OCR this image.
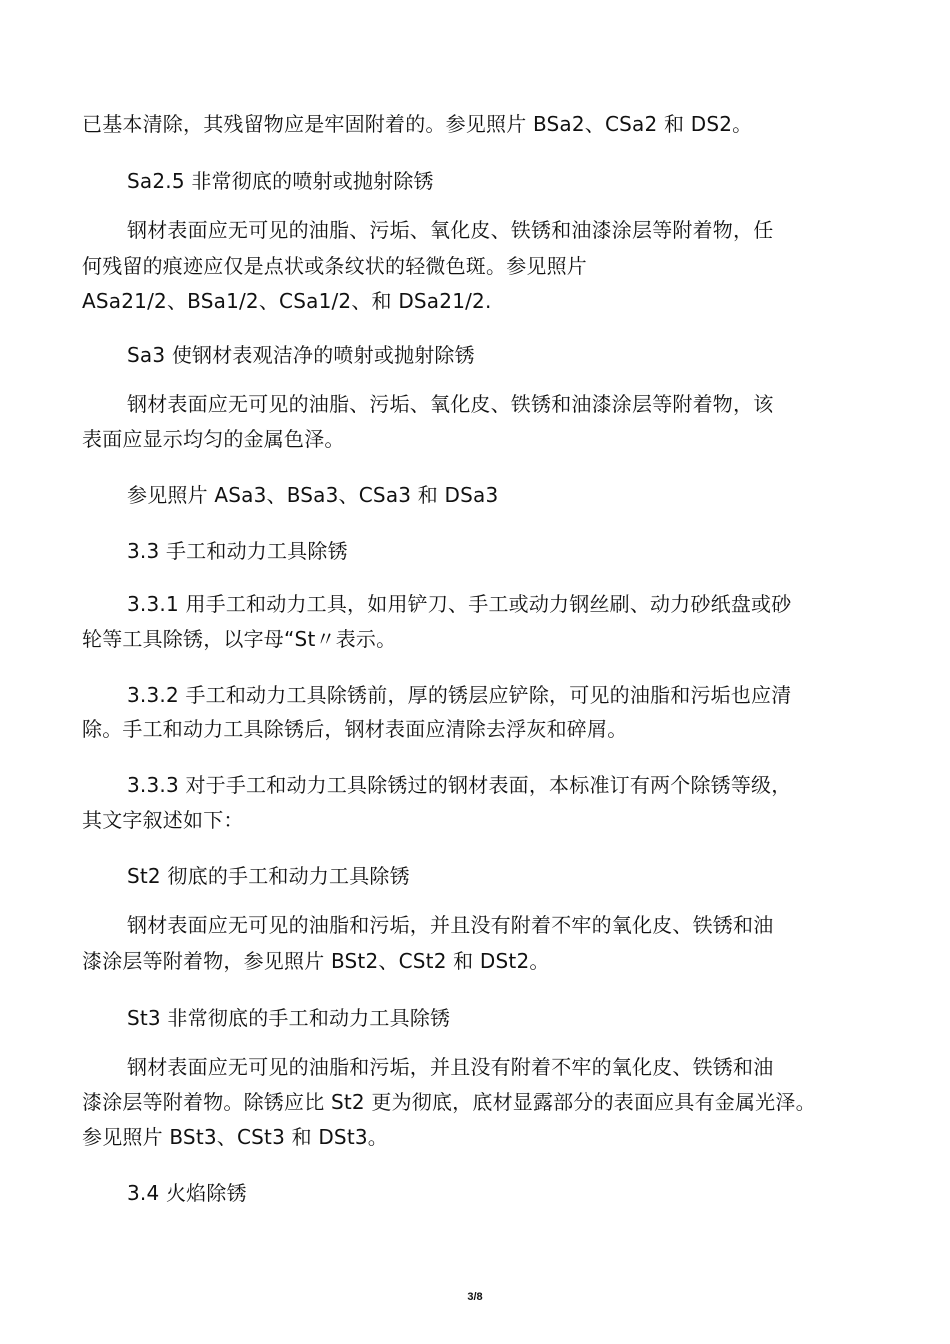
已基本清除，其残留物应是牢固附着的。参见照片 BSa2、CSa2 和 DS2。
Sa2.5 非常彻底的喷射或抛射除锈
钢材表面应无可见的油脂、污垢、氧化皮、铁锈和油漆涂层等附着物，任
何残留的痕迹应仅是点状或条纹状的轻微色斑。参见照片
ASa21/2、BSa1/2、CSa1/2、和 DSa21/2.
Sa3 使钢材表观洁净的喷射或抛射除锈
钢材表面应无可见的油脂、污垢、氧化皮、铁锈和油漆涂层等附着物，该
表面应显示均匀的金属色泽。
参见照片 ASa3、BSa3、CSa3 和 DSa3
3.3 手工和动力工具除锈
3.3.1 用手工和动力工具，如用铲刀、手工或动力钢丝刷、动力砂纸盘或砂
轮等工具除锈，以字母“St〃表示。
3.3.2 手工和动力工具除锈前，厚的锈层应铲除，可见的油脂和污垢也应清
除。手工和动力工具除锈后，钢材表面应清除去浮灰和碎屑。
3.3.3 对于手工和动力工具除锈过的钢材表面，本标准订有两个除锈等级，
其文字叙述如下：
St2 彻底的手工和动力工具除锈
钢材表面应无可见的油脂和污垢，并且没有附着不牢的氧化皮、铁锈和油
漆涂层等附着物，参见照片 BSt2、CSt2 和 DSt2。
St3 非常彻底的手工和动力工具除锈
钢材表面应无可见的油脂和污垢，并且没有附着不牢的氧化皮、铁锈和油
漆涂层等附着物。除锈应比 St2 更为彻底，底材显露部分的表面应具有金属光泽。
参见照片 BSt3、CSt3 和 DSt3。
3.4 火焰除锈
3/8
